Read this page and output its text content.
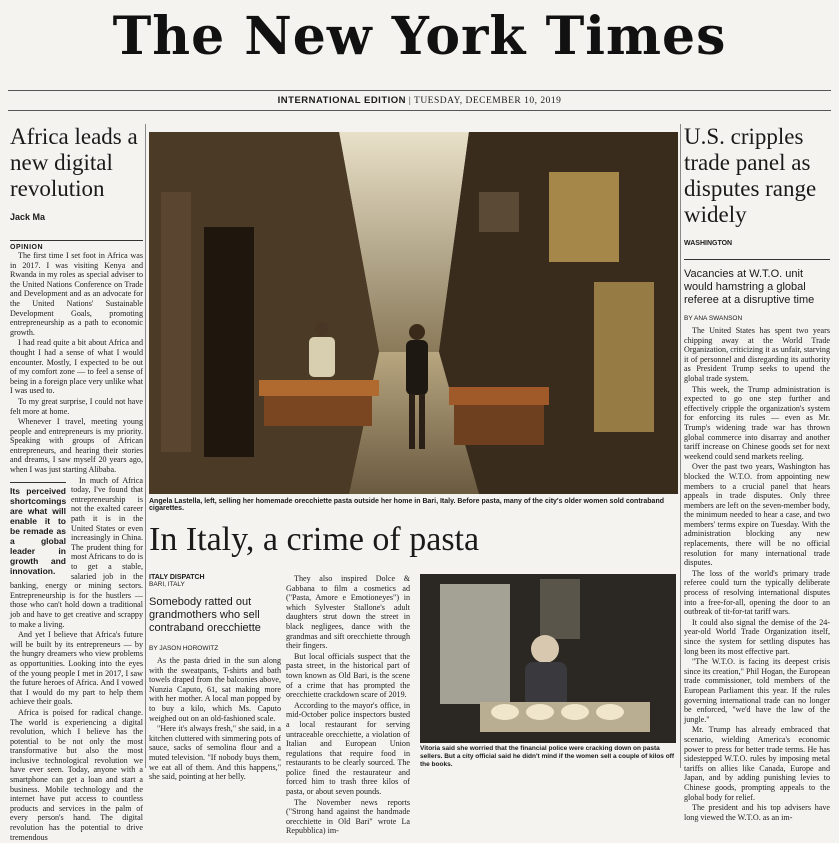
The New York Times
INTERNATIONAL EDITION | TUESDAY, DECEMBER 10, 2019
Africa leads a new digital revolution
Jack Ma
OPINION

The first time I set foot in Africa was in 2017. I was visiting Kenya and Rwanda in my roles as special adviser to the United Nations Conference on Trade and Development and as an advocate for the United Nations' Sustainable Development Goals, promoting entrepreneurship as a path to economic growth.

I had read quite a bit about Africa and thought I had a sense of what I would encounter. Mostly, I expected to be out of my comfort zone — to feel a sense of being in a foreign place very unlike what I was used to.

To my great surprise, I could not have felt more at home.

Whenever I travel, meeting young people and entrepreneurs is my priority. Speaking with groups of African entrepreneurs, and hearing their stories and dreams, I saw myself 20 years ago, when I was just starting Alibaba.

Its perceived shortcomings are what will enable it to be remade as a global leader in growth and innovation.

In much of Africa today, I've found that entrepreneurship is not the exalted career path it is in the United States or even increasingly in China. The prudent thing for most Africans to do is to get a stable, salaried job in the banking, energy or mining sectors. Entrepreneurship is for the hustlers — those who can't hold down a traditional job and have to get creative and scrappy to make a living.

And yet I believe that Africa's future will be built by its entrepreneurs — by the hungry dreamers who view problems as opportunities. Looking into the eyes of the young people I met in 2017, I saw the future heroes of Africa. And I vowed that I would do my part to help them achieve their goals.

Africa is poised for radical change. The world is experiencing a digital revolution, which I believe has the potential to be not only the most transformative but also the most inclusive technological revolution we have ever seen. Today, anyone with a smartphone can get a loan and start a business. Mobile technology and the internet have put access to countless products and services in the palm of every person's hand. The digital revolution has the potential to drive tremendous

Angela Lastella, left, selling her homemade orecchiette pasta outside her home in Bari, Italy. Before pasta, many of the city's older women sold contraband cigarettes.
In Italy, a crime of pasta
ITALY DISPATCH
BARI, ITALY
Somebody ratted out grandmothers who sell contraband orecchiette
BY JASON HOROWITZ

As the pasta dried in the sun along with the sweatpants, T-shirts and bath towels draped from the balconies above, Nunzia Caputo, 61, sat making more with her mother. A local man popped by to buy a kilo, which Ms. Caputo weighed out on an old-fashioned scale.

"Here it's always fresh," she said, in a kitchen cluttered with simmering pots of sauce, sacks of semolina flour and a muted television. "If nobody buys them, we eat all of them. And this happens," she said, pointing at her belly.

They also inspired Dolce & Gabbana to film a cosmetics ad ("Pasta, Amore e Emotioneyes") in which Sylvester Stallone's adult daughters strut down the street in black negligees, dance with the grandmas and sift orecchiette through their fingers.

But local officials suspect that the pasta street, in the historical part of town known as Old Bari, is the scene of a crime that has prompted the orecchiette crackdown scare of 2019.

According to the mayor's office, in mid-October police inspectors busted a local restaurant for serving untraceable orecchiette, a violation of Italian and European Union regulations that require food in restaurants to be clearly sourced. The police fined the restaurateur and forced him to trash three kilos of pasta, or about seven pounds.

The November news reports ("Strong hand against the handmade orecchiette in Old Bari" wrote La Repubblica) im-

Vitoria said she worried that the financial police were cracking down on pasta sellers. But a city official said he didn't mind if the women sell a couple of kilos off the books.
U.S. cripples trade panel as disputes range widely
WASHINGTON
Vacancies at W.T.O. unit would hamstring a global referee at a disruptive time
BY ANA SWANSON

The United States has spent two years chipping away at the World Trade Organization, criticizing it as unfair, starving it of personnel and disregarding its authority as President Trump seeks to upend the global trade system.

This week, the Trump administration is expected to go one step further and effectively cripple the organization's system for enforcing its rules — even as Mr. Trump's widening trade war has thrown global commerce into disarray and another tariff increase on Chinese goods set for next weekend could send markets reeling.

Over the past two years, Washington has blocked the W.T.O. from appointing new members to a crucial panel that hears appeals in trade disputes. Only three members are left on the seven-member body, the minimum needed to hear a case, and two members' terms expire on Tuesday. With the administration blocking any new replacements, there will be no official resolution for many international trade disputes.

The loss of the world's primary trade referee could turn the typically deliberate process of resolving international disputes into a free-for-all, opening the door to an outbreak of tit-for-tat tariff wars.

It could also signal the demise of the 24-year-old World Trade Organization itself, since the system for settling disputes has long been its most effective part.

"The W.T.O. is facing its deepest crisis since its creation," Phil Hogan, the European trade commissioner, told members of the European Parliament this year. If the rules governing international trade can no longer be enforced, "we'd have the law of the jungle."

Mr. Trump has already embraced that scenario, wielding America's economic power to press for better trade terms. He has sidestepped W.T.O. rules by imposing metal tariffs on allies like Canada, Europe and Japan, and by adding punishing levies to Chinese goods, prompting appeals to the global body for relief.

The president and his top advisers have long viewed the W.T.O. as an im-
